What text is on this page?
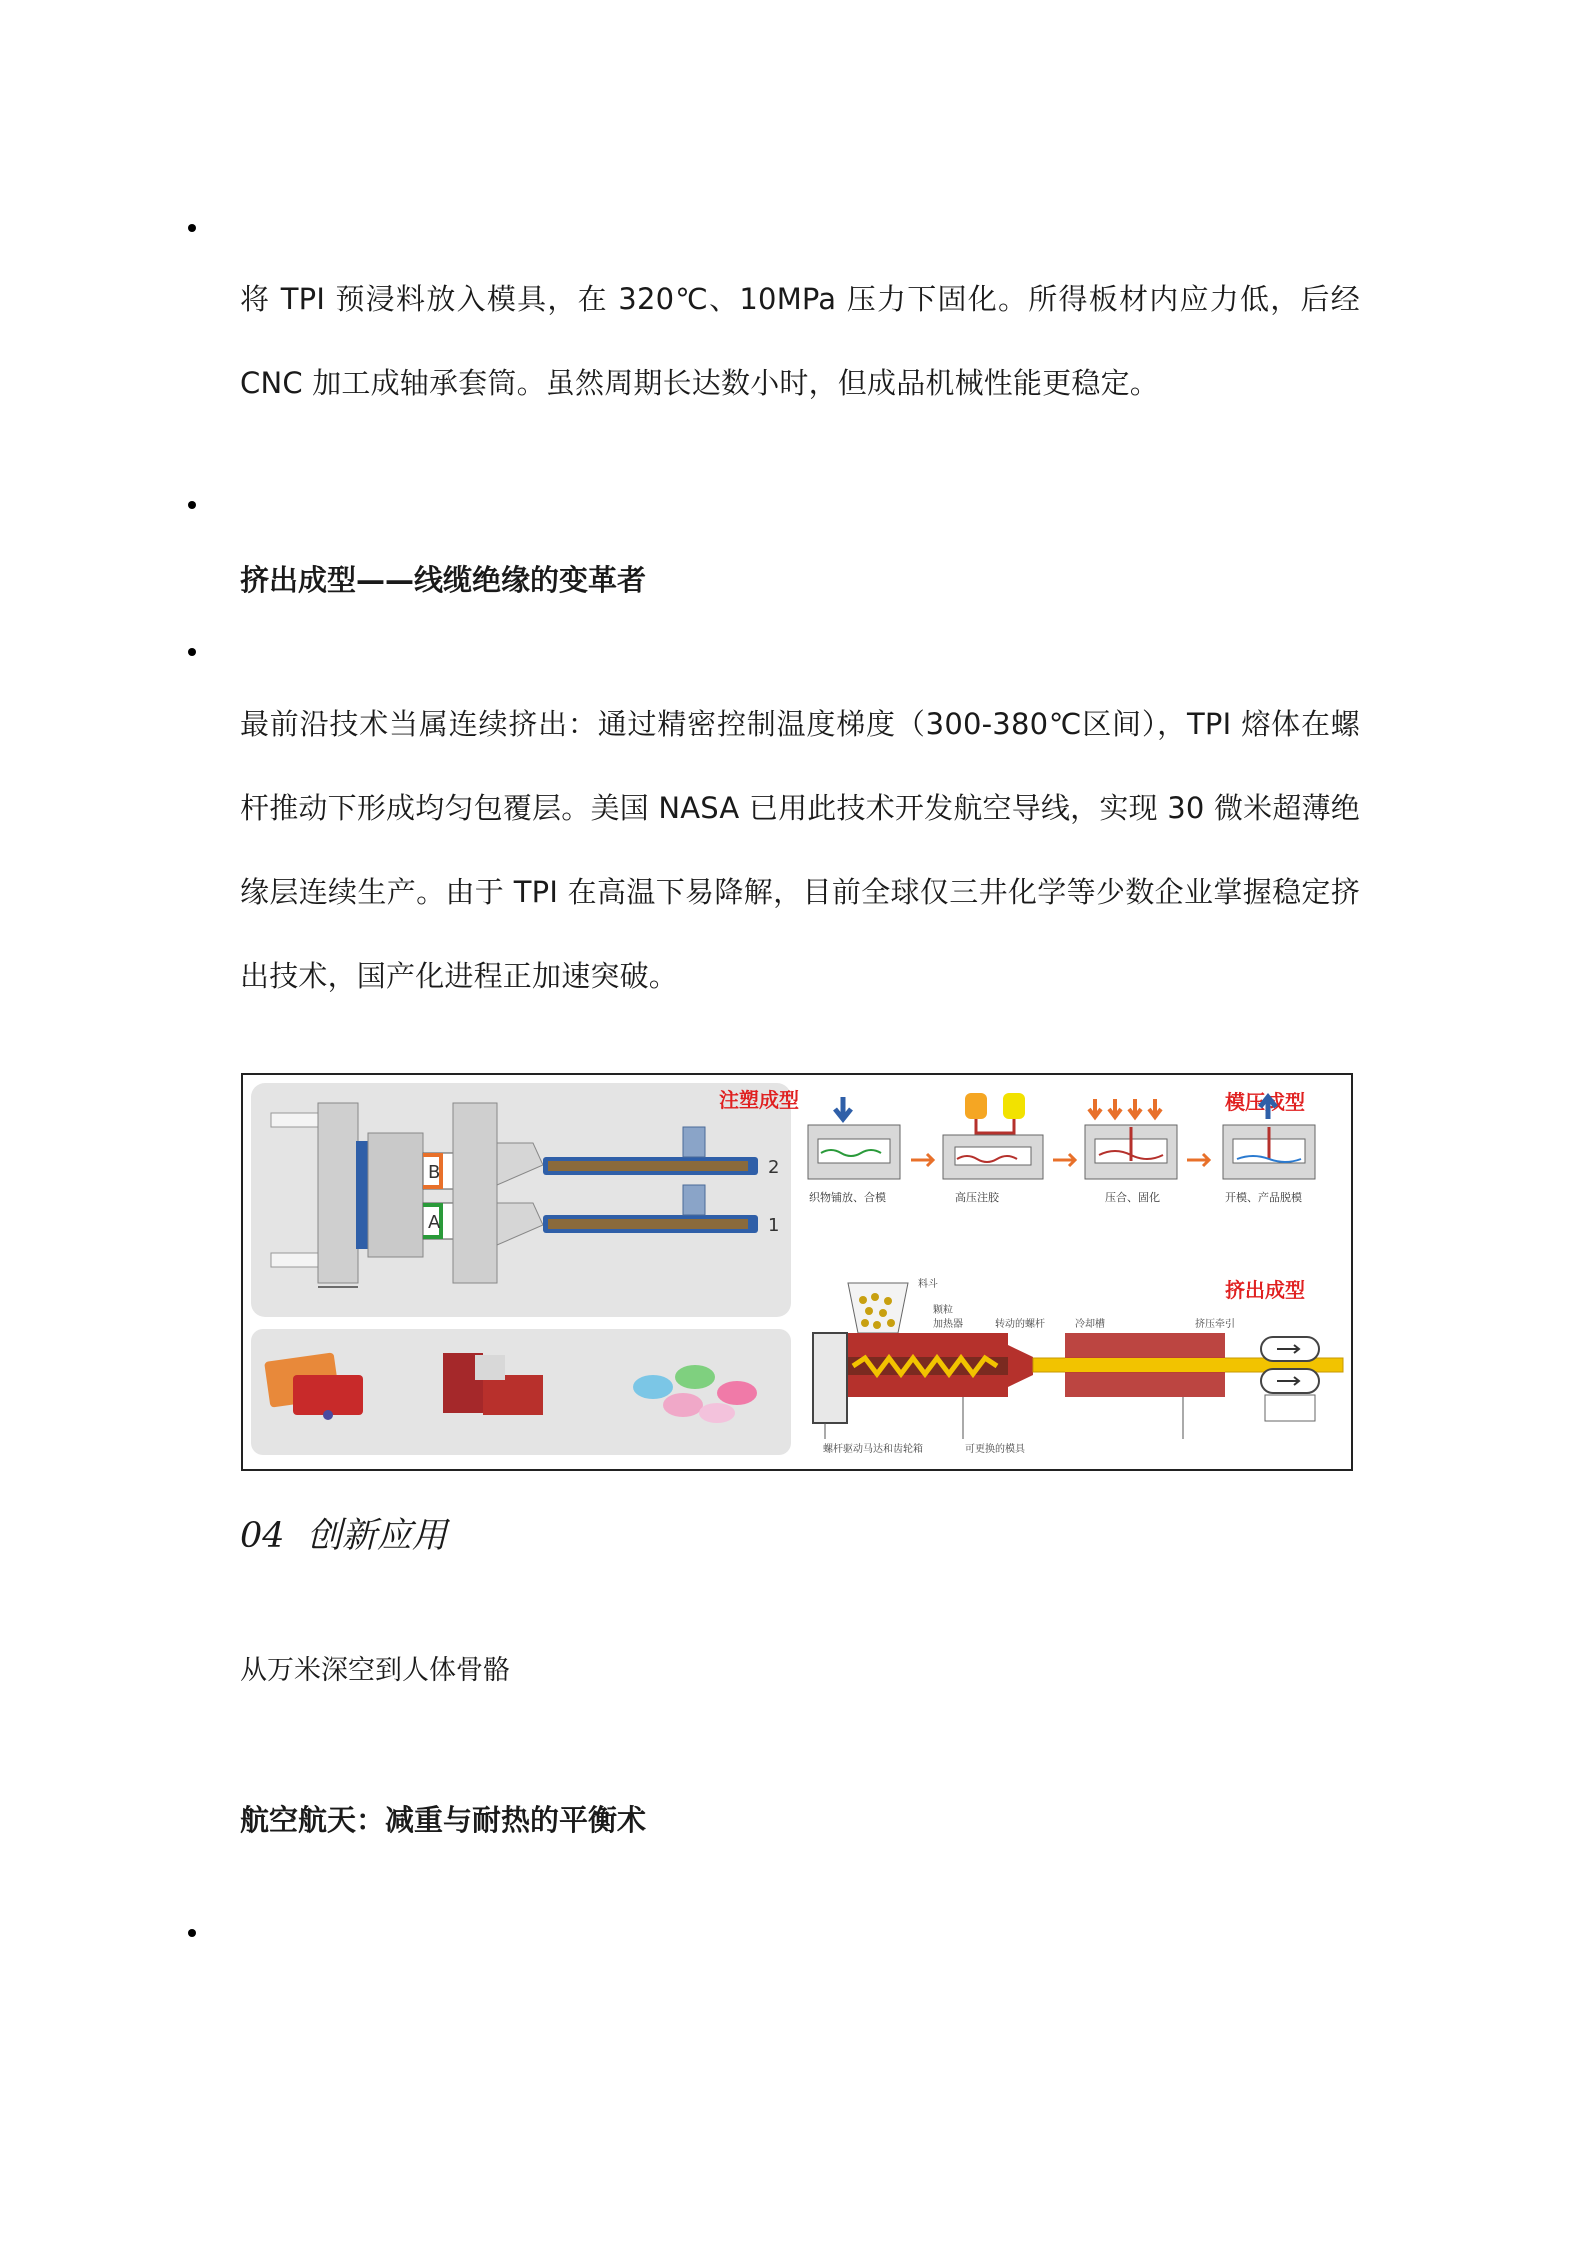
将 TPI 预浸料放入模具，在 320℃、10MPa 压力下固化。所得板材内应力低，后经 CNC 加工成轴承套筒。虽然周期长达数小时，但成品机械性能更稳定。

挤出成型——线缆绝缘的变革者

最前沿技术当属连续挤出：通过精密控制温度梯度（300-380℃区间），TPI 熔体在螺杆推动下形成均匀包覆层。美国 NASA 已用此技术开发航空导线，实现 30 微米超薄绝缘层连续生产。由于 TPI 在高温下易降解，目前全球仅三井化学等少数企业掌握稳定挤出技术，国产化进程正加速突破。

注塑成型
B
A
2
1
模压成型
织物铺放、合模	高压注胶	压合、固化	开模、产品脱模
挤出成型
料斗
颗粒
加热器	转动的螺杆	冷却槽	挤压牵引
螺杆驱动马达和齿轮箱	可更换的模具

04 创新应用

从万米深空到人体骨骼

航空航天：减重与耐热的平衡术
